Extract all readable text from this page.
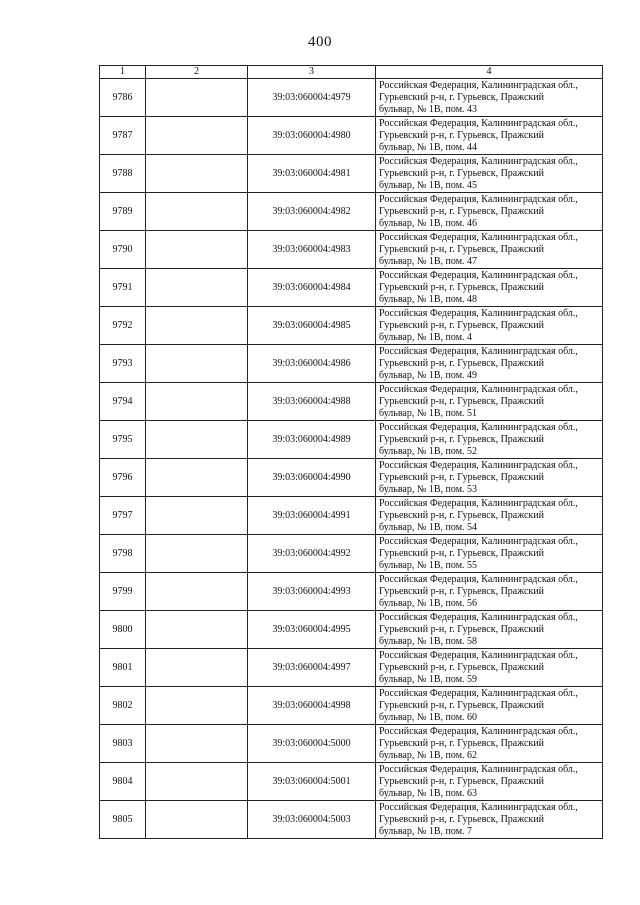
400
1	2	3	4
9786		39:03:060004:4979	Российская Федерация, Калининградская обл.,
Гурьевский р-н, г. Гурьевск, Пражский
бульвар, № 1В, пом. 43

9787		39:03:060004:4980	Российская Федерация, Калининградская обл.,
Гурьевский р-н, г. Гурьевск, Пражский
бульвар, № 1В, пом. 44

9788		39:03:060004:4981	Российская Федерация, Калининградская обл.,
Гурьевский р-н, г. Гурьевск, Пражский
бульвар, № 1В, пом. 45

9789		39:03:060004:4982	Российская Федерация, Калининградская обл.,
Гурьевский р-н, г. Гурьевск, Пражский
бульвар, № 1В, пом. 46

9790		39:03:060004:4983	Российская Федерация, Калининградская обл.,
Гурьевский р-н, г. Гурьевск, Пражский
бульвар, № 1В, пом. 47

9791		39:03:060004:4984	Российская Федерация, Калининградская обл.,
Гурьевский р-н, г. Гурьевск, Пражский
бульвар, № 1В, пом. 48

9792		39:03:060004:4985	Российская Федерация, Калининградская обл.,
Гурьевский р-н, г. Гурьевск, Пражский
бульвар, № 1В, пом. 4

9793		39:03:060004:4986	Российская Федерация, Калининградская обл.,
Гурьевский р-н, г. Гурьевск, Пражский
бульвар, № 1В, пом. 49

9794		39:03:060004:4988	Российская Федерация, Калининградская обл.,
Гурьевский р-н, г. Гурьевск, Пражский
бульвар, № 1В, пом. 51

9795		39:03:060004:4989	Российская Федерация, Калининградская обл.,
Гурьевский р-н, г. Гурьевск, Пражский
бульвар, № 1В, пом. 52

9796		39:03:060004:4990	Российская Федерация, Калининградская обл.,
Гурьевский р-н, г. Гурьевск, Пражский
бульвар, № 1В, пом. 53

9797		39:03:060004:4991	Российская Федерация, Калининградская обл.,
Гурьевский р-н, г. Гурьевск, Пражский
бульвар, № 1В, пом. 54

9798		39:03:060004:4992	Российская Федерация, Калининградская обл.,
Гурьевский р-н, г. Гурьевск, Пражский
бульвар, № 1В, пом. 55

9799		39:03:060004:4993	Российская Федерация, Калининградская обл.,
Гурьевский р-н, г. Гурьевск, Пражский
бульвар, № 1В, пом. 56

9800		39:03:060004:4995	Российская Федерация, Калининградская обл.,
Гурьевский р-н, г. Гурьевск, Пражский
бульвар, № 1В, пом. 58

9801		39:03:060004:4997	Российская Федерация, Калининградская обл.,
Гурьевский р-н, г. Гурьевск, Пражский
бульвар, № 1В, пом. 59

9802		39:03:060004:4998	Российская Федерация, Калининградская обл.,
Гурьевский р-н, г. Гурьевск, Пражский
бульвар, № 1В, пом. 60

9803		39:03:060004:5000	Российская Федерация, Калининградская обл.,
Гурьевский р-н, г. Гурьевск, Пражский
бульвар, № 1В, пом. 62

9804		39:03:060004:5001	Российская Федерация, Калининградская обл.,
Гурьевский р-н, г. Гурьевск, Пражский
бульвар, № 1В, пом. 63

9805		39:03:060004:5003	Российская Федерация, Калининградская обл.,
Гурьевский р-н, г. Гурьевск, Пражский
бульвар, № 1В, пом. 7
